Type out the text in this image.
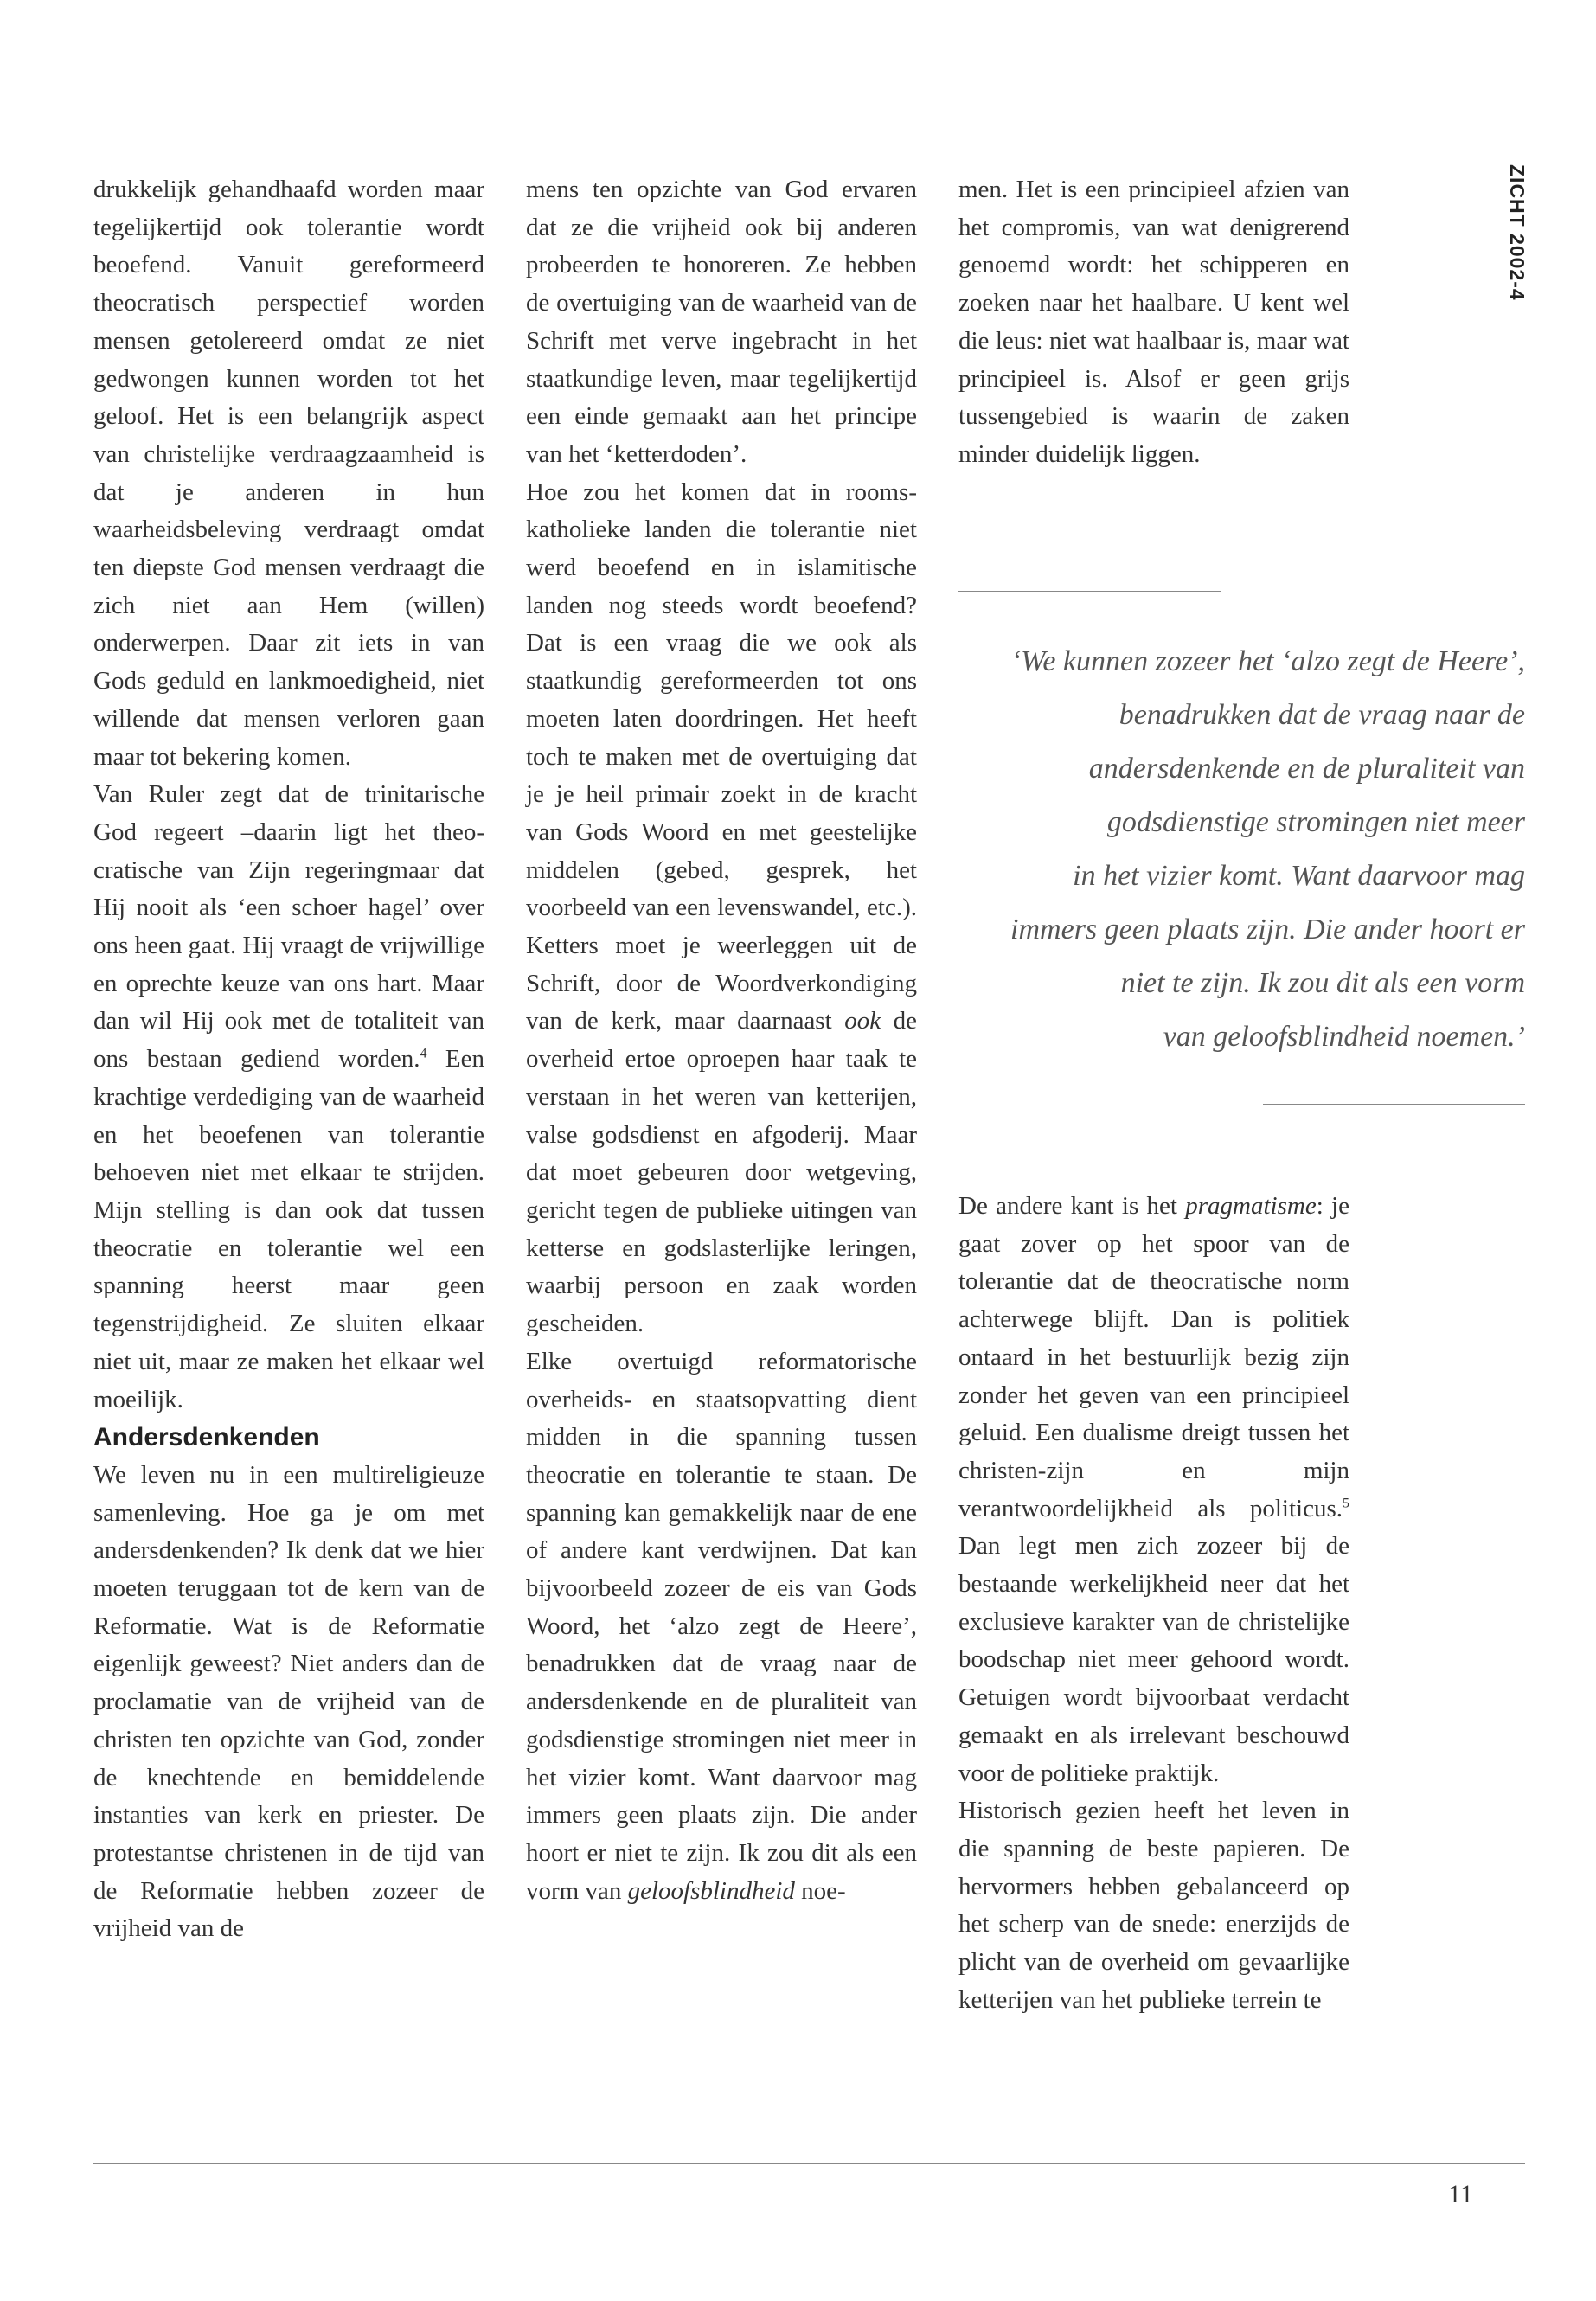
ZICHT 2002-4

drukkelijk gehandhaafd worden maar tegelijkertijd ook tolerantie wordt beoefend. Vanuit gereformeerd theocratisch perspectief worden mensen getolereerd omdat ze niet gedwongen kunnen worden tot het geloof. Het is een belangrijk aspect van christelijke verdraagzaamheid is dat je anderen in hun waarheidsbeleving verdraagt omdat ten diepste God mensen verdraagt die zich niet aan Hem (willen) onderwerpen. Daar zit iets in van Gods geduld en lankmoedigheid, niet willende dat mensen verloren gaan maar tot bekering komen.

Van Ruler zegt dat de trinitarische God regeert –daarin ligt het theo-cratische van Zijn regeringmaar dat Hij nooit als ‘een schoer hagel’ over ons heen gaat. Hij vraagt de vrijwillige en oprechte keuze van ons hart. Maar dan wil Hij ook met de totaliteit van ons bestaan gediend worden.$^4$ Een krachtige verdediging van de waarheid en het beoefenen van tolerantie behoeven niet met elkaar te strijden. Mijn stelling is dan ook dat tussen theocratie en tolerantie wel een spanning heerst maar geen tegenstrijdigheid. Ze sluiten elkaar niet uit, maar ze maken het elkaar wel moeilijk.

Andersdenkenden

We leven nu in een multireligieuze samenleving. Hoe ga je om met andersdenkenden? Ik denk dat we hier moeten teruggaan tot de kern van de Reformatie. Wat is de Reformatie eigenlijk geweest? Niet anders dan de proclamatie van de vrijheid van de christen ten opzichte van God, zonder de knechtende en bemiddelende instanties van kerk en priester. De protestantse christenen in de tijd van de Reformatie hebben zozeer de vrijheid van de

mens ten opzichte van God ervaren dat ze die vrijheid ook bij anderen probeerden te honoreren. Ze hebben de overtuiging van de waarheid van de Schrift met verve ingebracht in het staatkundige leven, maar tegelijkertijd een einde gemaakt aan het principe van het ‘ketterdoden’.

Hoe zou het komen dat in rooms-katholieke landen die tolerantie niet werd beoefend en in islamitische landen nog steeds wordt beoefend? Dat is een vraag die we ook als staatkundig gereformeerden tot ons moeten laten doordringen. Het heeft toch te maken met de overtuiging dat je je heil primair zoekt in de kracht van Gods Woord en met geestelijke middelen (gebed, gesprek, het voorbeeld van een levenswandel, etc.). Ketters moet je weerleggen uit de Schrift, door de Woordverkondiging van de kerk, maar daarnaast ook de overheid ertoe oproepen haar taak te verstaan in het weren van ketterijen, valse godsdienst en afgoderij. Maar dat moet gebeuren door wetgeving, gericht tegen de publieke uitingen van ketterse en godslasterlijke leringen, waarbij persoon en zaak worden gescheiden.

Elke overtuigd reformatorische overheids- en staatsopvatting dient midden in die spanning tussen theocratie en tolerantie te staan. De spanning kan gemakkelijk naar de ene of andere kant verdwijnen. Dat kan bijvoorbeeld zozeer de eis van Gods Woord, het ‘alzo zegt de Heere’, benadrukken dat de vraag naar de andersdenkende en de pluraliteit van godsdienstige stromingen niet meer in het vizier komt. Want daarvoor mag immers geen plaats zijn. Die ander hoort er niet te zijn. Ik zou dit als een vorm van geloofsblindheid noe-

men. Het is een principieel afzien van het compromis, van wat denigrerend genoemd wordt: het schipperen en zoeken naar het haalbare. U kent wel die leus: niet wat haalbaar is, maar wat principieel is. Alsof er geen grijs tussengebied is waarin de zaken minder duidelijk liggen.

‘We kunnen zozeer het ‘alzo zegt de Heere’,

benadrukken dat de vraag naar de

andersdenkende en de pluraliteit van

godsdienstige stromingen niet meer

in het vizier komt. Want daarvoor mag

immers geen plaats zijn. Die ander hoort er

niet te zijn. Ik zou dit als een vorm

van geloofsblindheid noemen.’

De andere kant is het pragmatisme: je gaat zover op het spoor van de tolerantie dat de theocratische norm achterwege blijft. Dan is politiek ontaard in het bestuurlijk bezig zijn zonder het geven van een principieel geluid. Een dualisme dreigt tussen het christen-zijn en mijn verantwoordelijkheid als politicus.$^5$ Dan legt men zich zozeer bij de bestaande werkelijkheid neer dat het exclusieve karakter van de christelijke boodschap niet meer gehoord wordt. Getuigen wordt bijvoorbaat verdacht gemaakt en als irrelevant beschouwd voor de politieke praktijk.

Historisch gezien heeft het leven in die spanning de beste papieren. De hervormers hebben gebalanceerd op het scherp van de snede: enerzijds de plicht van de overheid om gevaarlijke ketterijen van het publieke terrein te

11
